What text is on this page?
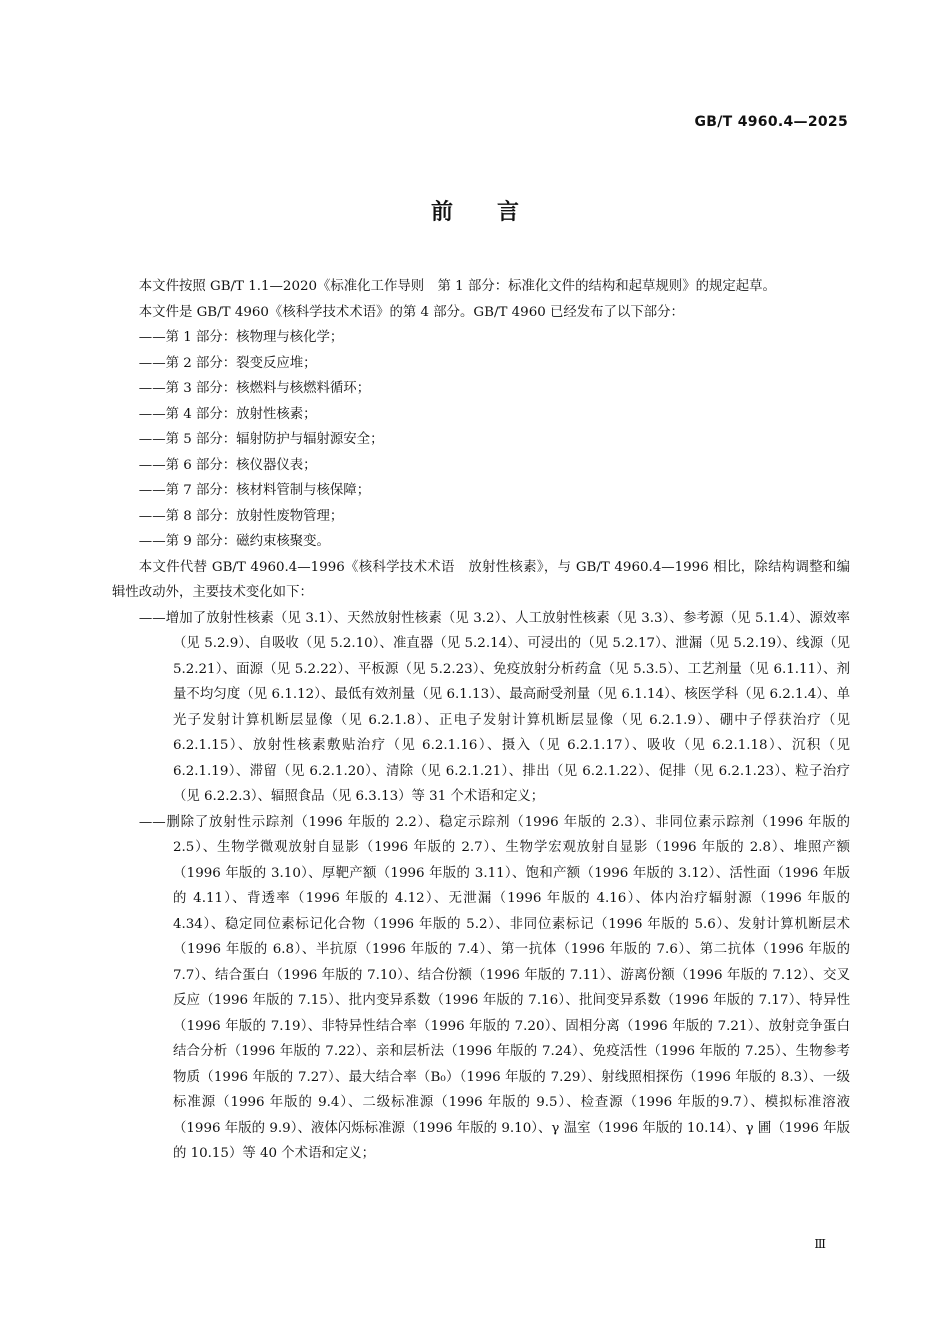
GB/T 4960.4—2025
前言

本文件按照 GB/T 1.1—2020《标准化工作导则　第 1 部分：标准化文件的结构和起草规则》的规定起草。

本文件是 GB/T 4960《核科学技术术语》的第 4 部分。GB/T 4960 已经发布了以下部分：

——第 1 部分：核物理与核化学；

——第 2 部分：裂变反应堆；

——第 3 部分：核燃料与核燃料循环；

——第 4 部分：放射性核素；

——第 5 部分：辐射防护与辐射源安全；

——第 6 部分：核仪器仪表；

——第 7 部分：核材料管制与核保障；

——第 8 部分：放射性废物管理；

——第 9 部分：磁约束核聚变。

本文件代替 GB/T 4960.4—1996《核科学技术术语　放射性核素》，与 GB/T 4960.4—1996 相比，除结构调整和编辑性改动外，主要技术变化如下：

——增加了放射性核素（见 3.1）、天然放射性核素（见 3.2）、人工放射性核素（见 3.3）、参考源（见 5.1.4）、源效率（见 5.2.9）、自吸收（见 5.2.10）、准直器（见 5.2.14）、可浸出的（见 5.2.17）、泄漏（见 5.2.19）、线源（见 5.2.21）、面源（见 5.2.22）、平板源（见 5.2.23）、免疫放射分析药盒（见 5.3.5）、工艺剂量（见 6.1.11）、剂量不均匀度（见 6.1.12）、最低有效剂量（见 6.1.13）、最高耐受剂量（见 6.1.14）、核医学科（见 6.2.1.4）、单光子发射计算机断层显像（见 6.2.1.8）、正电子发射计算机断层显像（见 6.2.1.9）、硼中子俘获治疗（见 6.2.1.15）、放射性核素敷贴治疗（见 6.2.1.16）、摄入（见 6.2.1.17）、吸收（见 6.2.1.18）、沉积（见 6.2.1.19）、滞留（见 6.2.1.20）、清除（见 6.2.1.21）、排出（见 6.2.1.22）、促排（见 6.2.1.23）、粒子治疗（见 6.2.2.3）、辐照食品（见 6.3.13）等 31 个术语和定义；

——删除了放射性示踪剂（1996 年版的 2.2）、稳定示踪剂（1996 年版的 2.3）、非同位素示踪剂（1996 年版的 2.5）、生物学微观放射自显影（1996 年版的 2.7）、生物学宏观放射自显影（1996 年版的 2.8）、堆照产额（1996 年版的 3.10）、厚靶产额（1996 年版的 3.11）、饱和产额（1996 年版的 3.12）、活性面（1996 年版的 4.11）、背透率（1996 年版的 4.12）、无泄漏（1996 年版的 4.16）、体内治疗辐射源（1996 年版的 4.34）、稳定同位素标记化合物（1996 年版的 5.2）、非同位素标记（1996 年版的 5.6）、发射计算机断层术（1996 年版的 6.8）、半抗原（1996 年版的 7.4）、第一抗体（1996 年版的 7.6）、第二抗体（1996 年版的 7.7）、结合蛋白（1996 年版的 7.10）、结合份额（1996 年版的 7.11）、游离份额（1996 年版的 7.12）、交叉反应（1996 年版的 7.15）、批内变异系数（1996 年版的 7.16）、批间变异系数（1996 年版的 7.17）、特异性（1996 年版的 7.19）、非特异性结合率（1996 年版的 7.20）、固相分离（1996 年版的 7.21）、放射竞争蛋白结合分析（1996 年版的 7.22）、亲和层析法（1996 年版的 7.24）、免疫活性（1996 年版的 7.25）、生物参考物质（1996 年版的 7.27）、最大结合率（B₀）（1996 年版的 7.29）、射线照相探伤（1996 年版的 8.3）、一级标准源（1996 年版的 9.4）、二级标准源（1996 年版的 9.5）、检查源（1996 年版的9.7）、模拟标准溶液（1996 年版的 9.9）、液体闪烁标准源（1996 年版的 9.10）、γ 温室（1996 年版的 10.14）、γ 圃（1996 年版的 10.15）等 40 个术语和定义；

Ⅲ
